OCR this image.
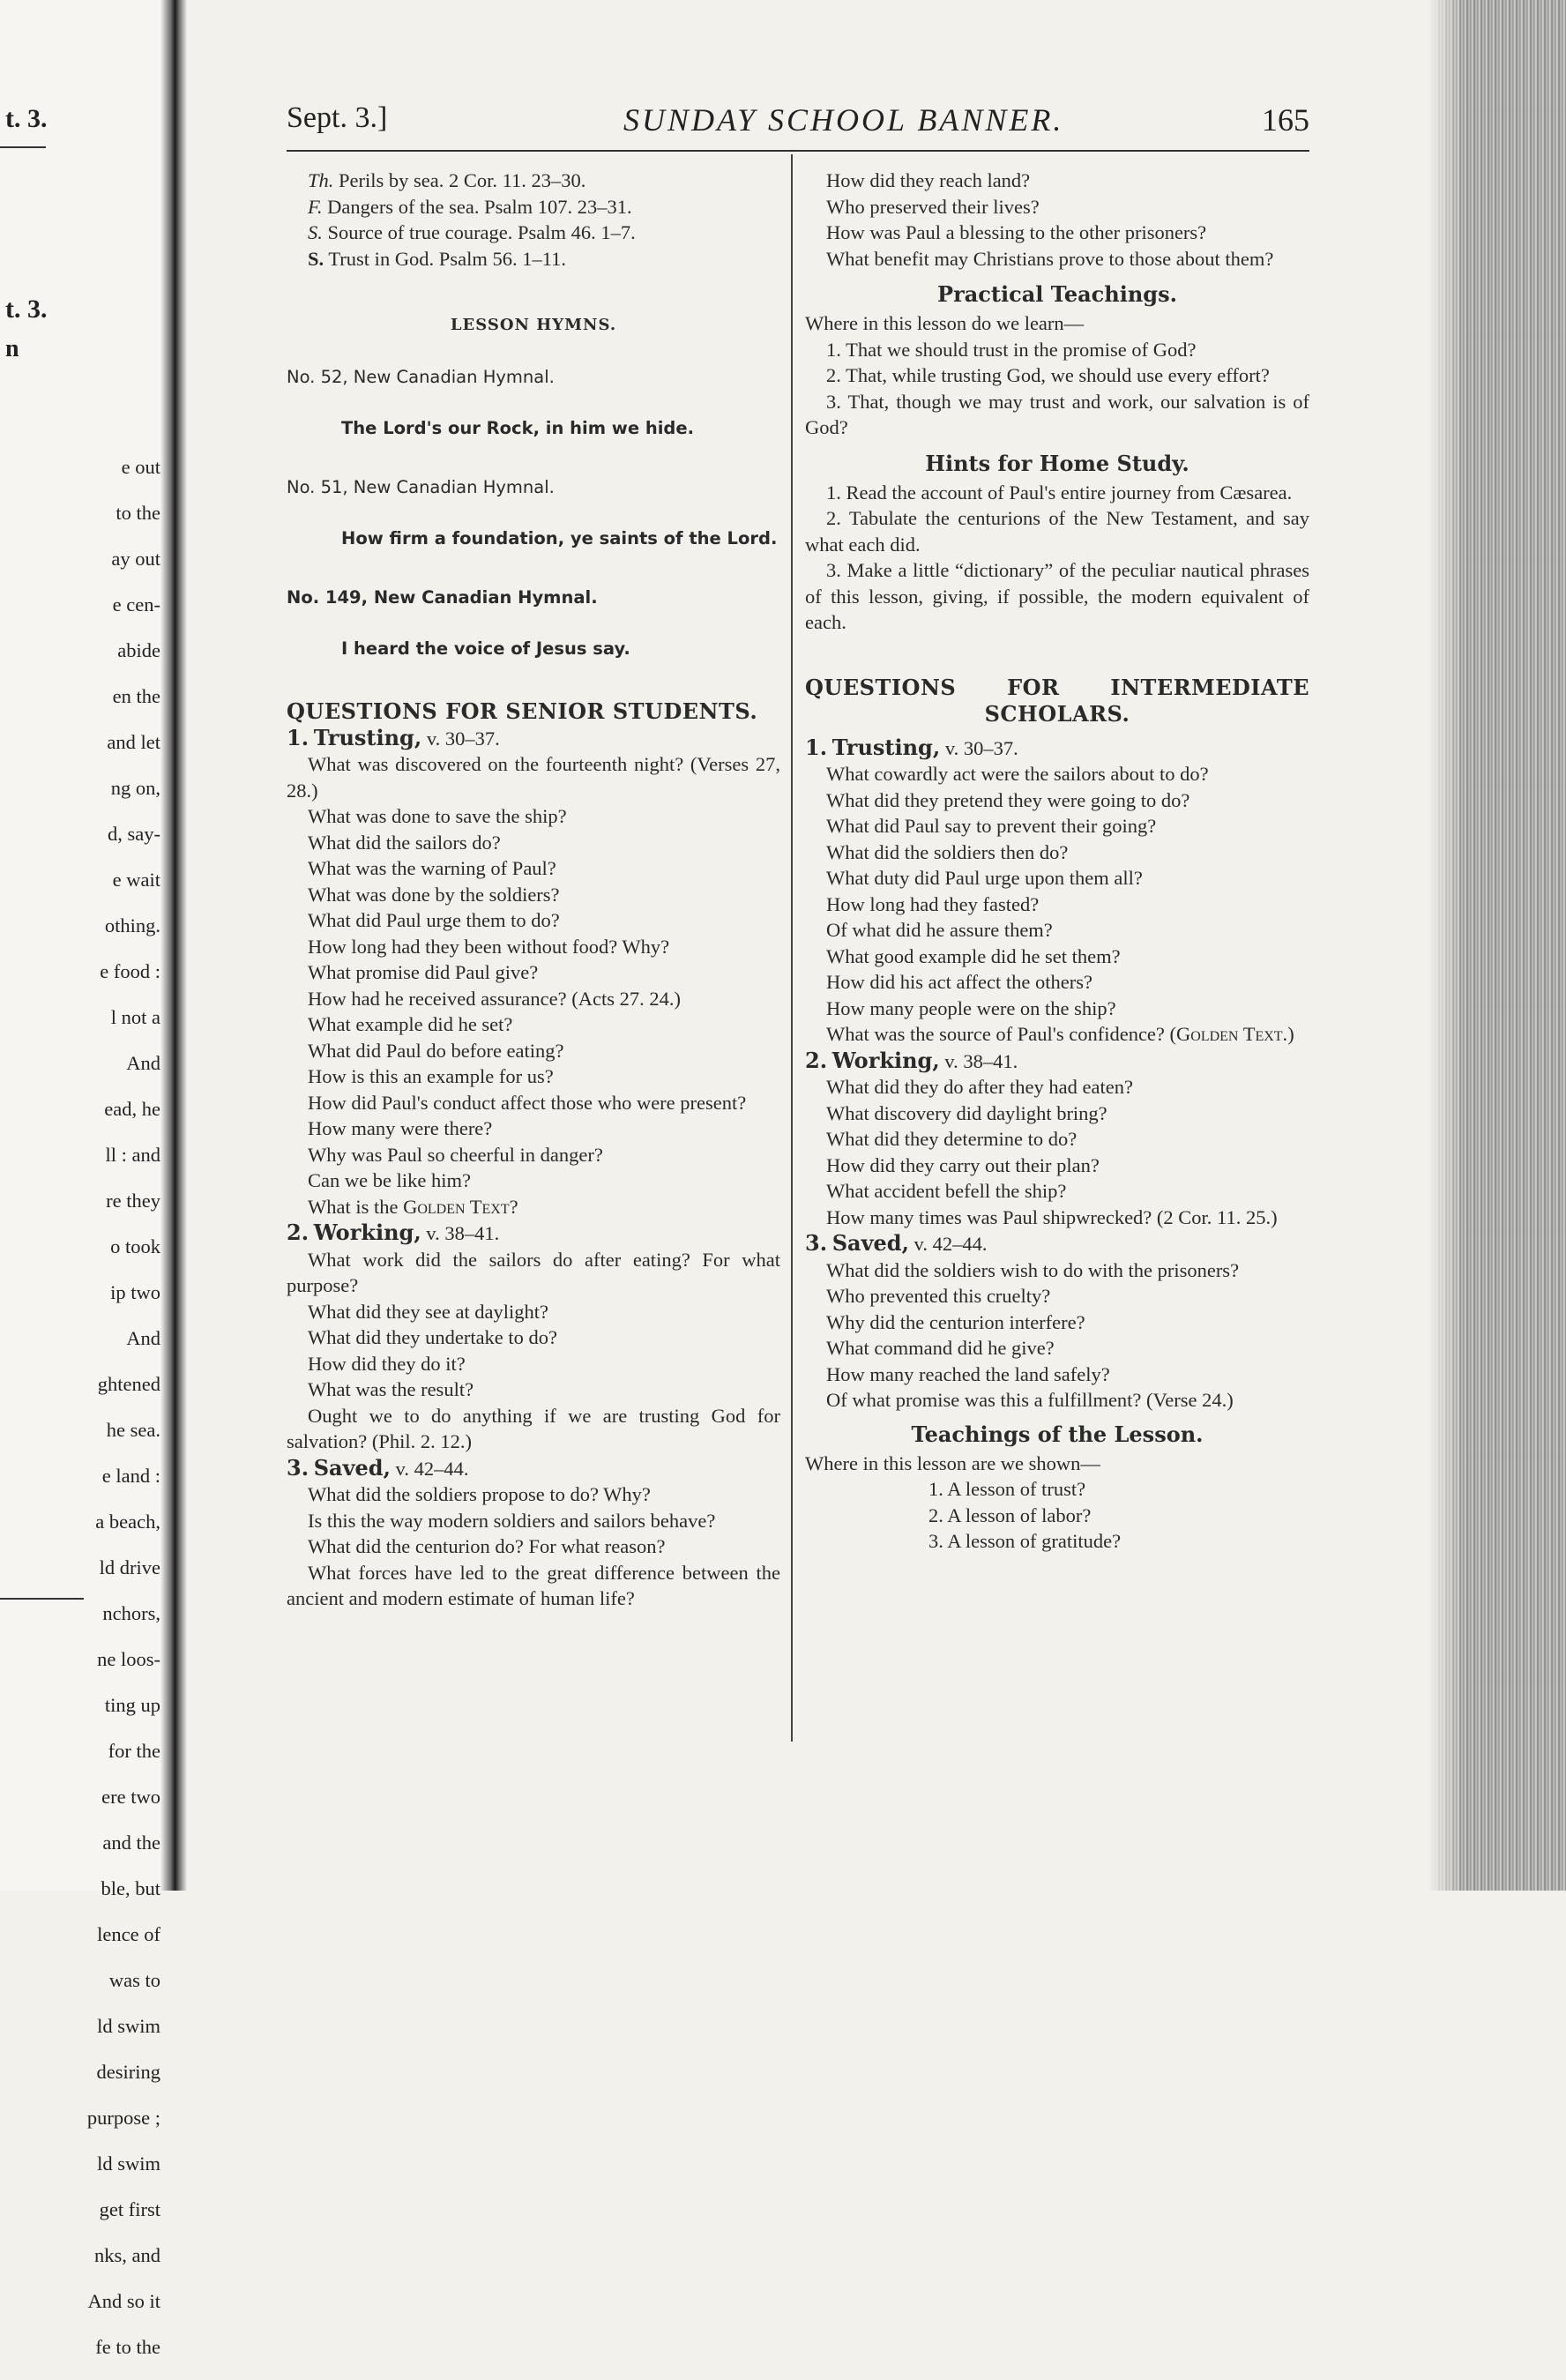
t. 3.
t. 3.
n

e out

to the

ay out

e cen-

abide

en the

and let

ng on,

d, say-

e wait

othing.

e food :

l not a

And

ead, he

ll : and

re they

o took

ip two

And

ghtened

he sea.

e land :

a beach,

ld drive

nchors,

ne loos-

ting up

for the

ere two

and the

ble, but

lence of

was to

ld swim

desiring

purpose ;

ld swim

get first

nks, and

And so it

fe to the

Sept. 3.]	SUNDAY SCHOOL BANNER.	165

Th. Perils by sea. 2 Cor. 11. 23–30.

F. Dangers of the sea. Psalm 107. 23–31.

S. Source of true courage. Psalm 46. 1–7.

S. Trust in God. Psalm 56. 1–11.

LESSON HYMNS.

No. 52, New Canadian Hymnal.

The Lord's our Rock, in him we hide.

No. 51, New Canadian Hymnal.

How firm a foundation, ye saints of the Lord.

No. 149, New Canadian Hymnal.

I heard the voice of Jesus say.

QUESTIONS FOR SENIOR STUDENTS.

1. Trusting, v. 30–37.

What was discovered on the fourteenth night? (Verses 27, 28.)

What was done to save the ship?

What did the sailors do?

What was the warning of Paul?

What was done by the soldiers?

What did Paul urge them to do?

How long had they been without food? Why?

What promise did Paul give?

How had he received assurance? (Acts 27. 24.)

What example did he set?

What did Paul do before eating?

How is this an example for us?

How did Paul's conduct affect those who were present?

How many were there?

Why was Paul so cheerful in danger?

Can we be like him?

What is the Golden Text?

2. Working, v. 38–41.

What work did the sailors do after eating? For what purpose?

What did they see at daylight?

What did they undertake to do?

How did they do it?

What was the result?

Ought we to do anything if we are trusting God for salvation? (Phil. 2. 12.)

3. Saved, v. 42–44.

What did the soldiers propose to do? Why?

Is this the way modern soldiers and sailors behave?

What did the centurion do? For what reason?

What forces have led to the great difference between the ancient and modern estimate of human life?

How did they reach land?

Who preserved their lives?

How was Paul a blessing to the other prisoners?

What benefit may Christians prove to those about them?

Practical Teachings.

Where in this lesson do we learn—

1. That we should trust in the promise of God?

2. That, while trusting God, we should use every effort?

3. That, though we may trust and work, our salvation is of God?

Hints for Home Study.

1. Read the account of Paul's entire journey from Cæsarea.

2. Tabulate the centurions of the New Testament, and say what each did.

3. Make a little “dictionary” of the peculiar nautical phrases of this lesson, giving, if possible, the modern equivalent of each.

QUESTIONS FOR INTERMEDIATE SCHOLARS.

1. Trusting, v. 30–37.

What cowardly act were the sailors about to do?

What did they pretend they were going to do?

What did Paul say to prevent their going?

What did the soldiers then do?

What duty did Paul urge upon them all?

How long had they fasted?

Of what did he assure them?

What good example did he set them?

How did his act affect the others?

How many people were on the ship?

What was the source of Paul's confidence? (Golden Text.)

2. Working, v. 38–41.

What did they do after they had eaten?

What discovery did daylight bring?

What did they determine to do?

How did they carry out their plan?

What accident befell the ship?

How many times was Paul shipwrecked? (2 Cor. 11. 25.)

3. Saved, v. 42–44.

What did the soldiers wish to do with the prisoners?

Who prevented this cruelty?

Why did the centurion interfere?

What command did he give?

How many reached the land safely?

Of what promise was this a fulfillment? (Verse 24.)

Teachings of the Lesson.

Where in this lesson are we shown—

1. A lesson of trust?

2. A lesson of labor?

3. A lesson of gratitude?
